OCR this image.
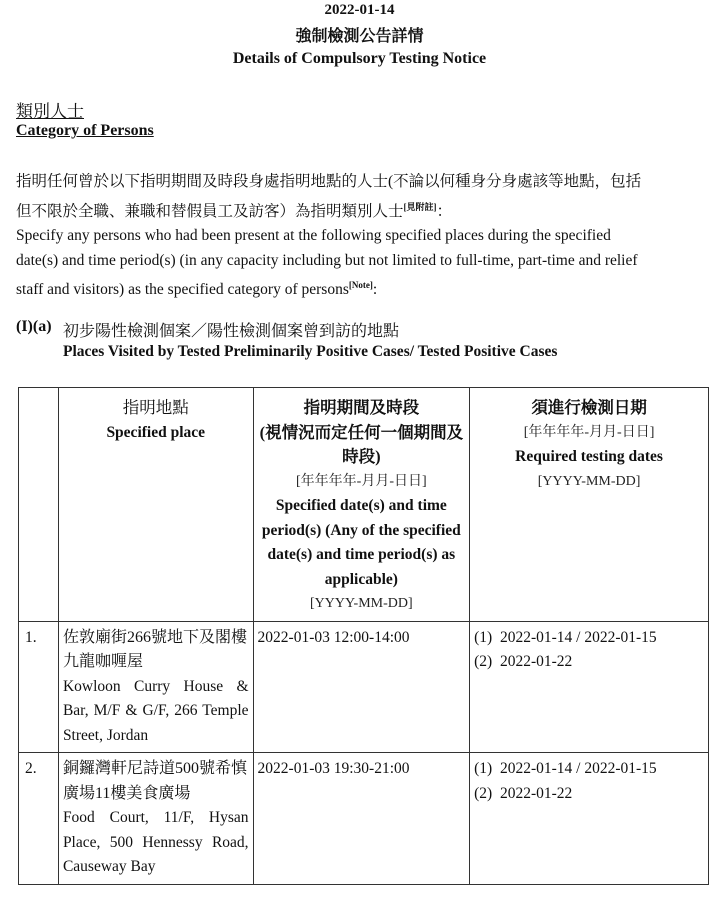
2022-01-14
強制檢測公告詳情
Details of Compulsory Testing Notice
類別人士
Category of Persons
指明任何曾於以下指明期間及時段身處指明地點的人士(不論以何種身分身處該等地點，包括但不限於全職、兼職和替假員工及訪客）為指明類別人士[見附註]：
Specify any persons who had been present at the following specified places during the specified date(s) and time period(s) (in any capacity including but not limited to full-time, part-time and relief staff and visitors) as the specified category of persons[Note]:
(I)(a) 初步陽性檢測個案／陽性檢測個案曾到訪的地點
Places Visited by Tested Preliminarily Positive Cases/ Tested Positive Cases

	指明地點
Specified place	指明期間及時段
(視情況而定任何一個期間及時段)
[年年年年-月月-日日]
Specified date(s) and time period(s) (Any of the specified date(s) and time period(s) as applicable)
[YYYY-MM-DD]	須進行檢測日期
[年年年年-月月-日日]
Required testing dates
[YYYY-MM-DD]

1.	佐敦廟街266號地下及閣樓九龍咖喱屋
Kowloon Curry House & Bar, M/F & G/F, 266 Temple Street, Jordan	2022-01-03 12:00-14:00	(1)  2022-01-14 / 2022-01-15
(2)  2022-01-22

2.	銅鑼灣軒尼詩道500號希慎廣場11樓美食廣場
Food Court, 11/F, Hysan Place, 500 Hennessy Road, Causeway Bay	2022-01-03 19:30-21:00	(1)  2022-01-14 / 2022-01-15
(2)  2022-01-22
